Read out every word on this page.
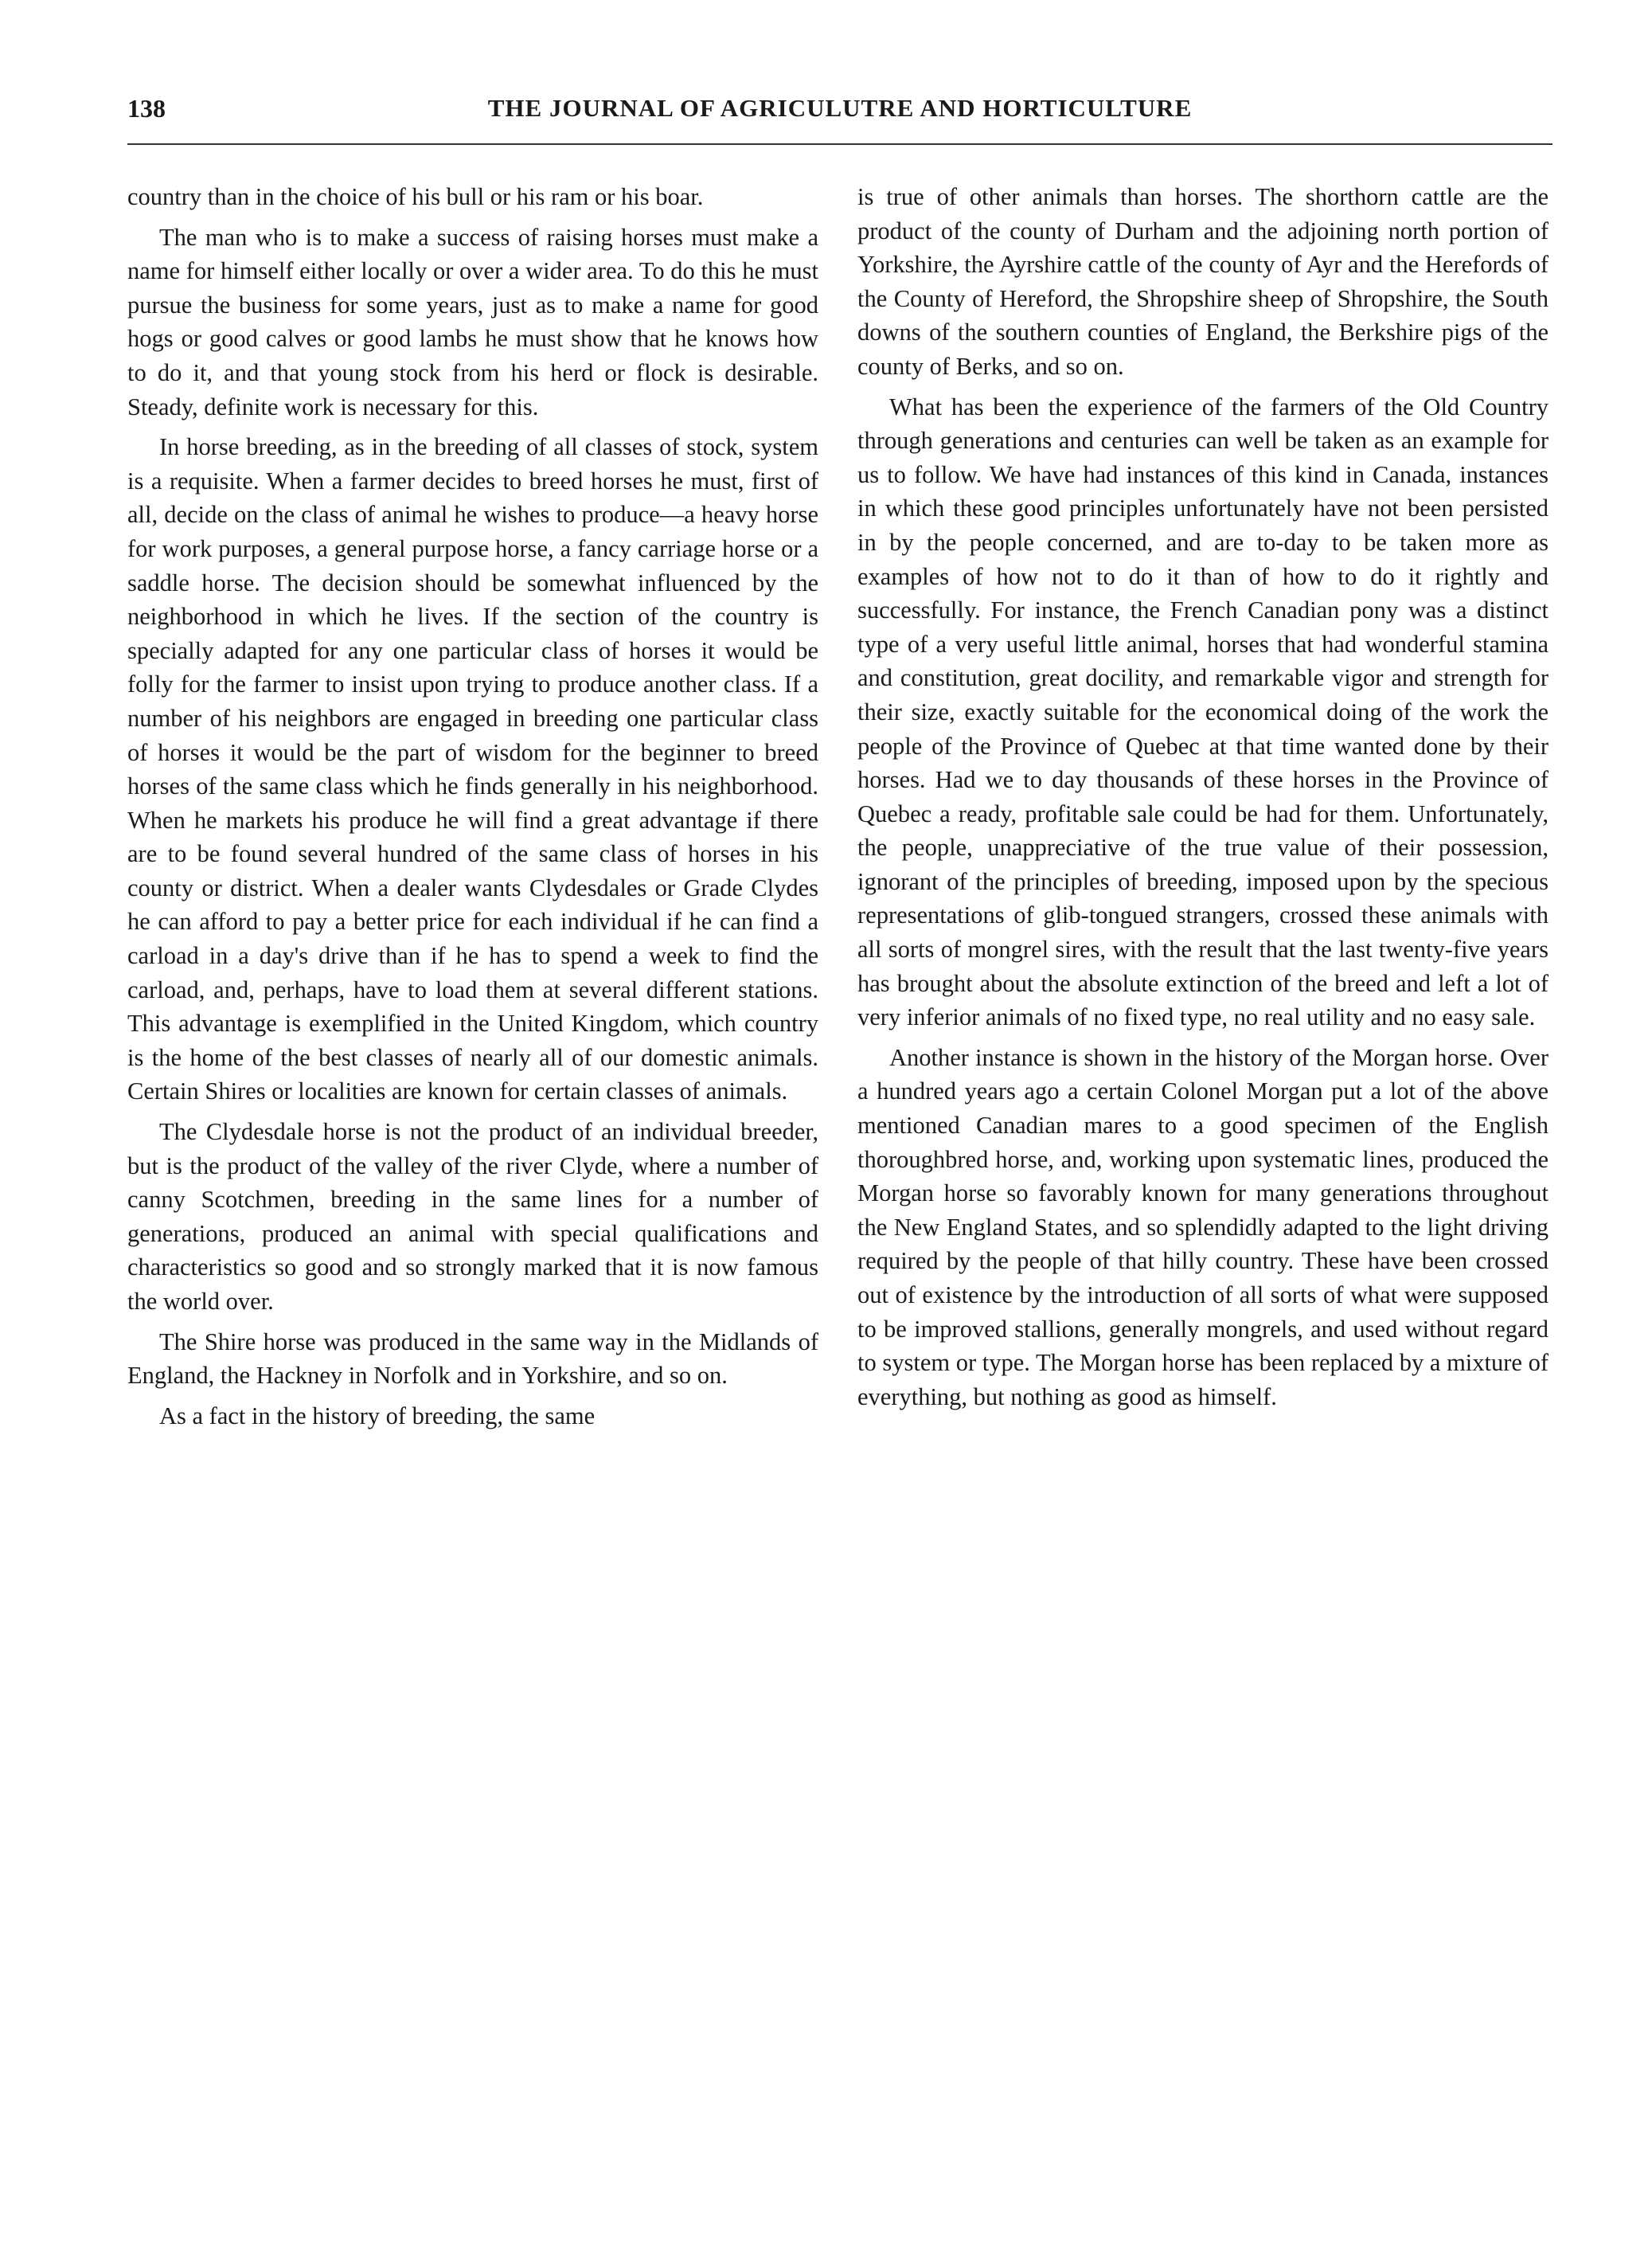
138	THE JOURNAL OF AGRICULUTRE AND HORTICULTURE

country than in the choice of his bull or his ram or his boar.

The man who is to make a success of raising horses must make a name for himself either locally or over a wider area. To do this he must pursue the business for some years, just as to make a name for good hogs or good calves or good lambs he must show that he knows how to do it, and that young stock from his herd or flock is desirable. Steady, definite work is necessary for this.

In horse breeding, as in the breeding of all classes of stock, system is a requisite. When a farmer decides to breed horses he must, first of all, decide on the class of animal he wishes to produce—a heavy horse for work purposes, a general purpose horse, a fancy carriage horse or a saddle horse. The decision should be somewhat influenced by the neighborhood in which he lives. If the section of the country is specially adapted for any one particular class of horses it would be folly for the farmer to insist upon trying to produce another class. If a number of his neighbors are engaged in breeding one particular class of horses it would be the part of wisdom for the beginner to breed horses of the same class which he finds generally in his neighborhood. When he markets his produce he will find a great advantage if there are to be found several hundred of the same class of horses in his county or district. When a dealer wants Clydesdales or Grade Clydes he can afford to pay a better price for each individual if he can find a carload in a day's drive than if he has to spend a week to find the carload, and, perhaps, have to load them at several different stations. This advantage is exemplified in the United Kingdom, which country is the home of the best classes of nearly all of our domestic animals. Certain Shires or localities are known for certain classes of animals.

The Clydesdale horse is not the product of an individual breeder, but is the product of the valley of the river Clyde, where a number of canny Scotchmen, breeding in the same lines for a number of generations, produced an animal with special qualifications and characteristics so good and so strongly marked that it is now famous the world over.

The Shire horse was produced in the same way in the Midlands of England, the Hackney in Norfolk and in Yorkshire, and so on.

As a fact in the history of breeding, the same

is true of other animals than horses. The shorthorn cattle are the product of the county of Durham and the adjoining north portion of Yorkshire, the Ayrshire cattle of the county of Ayr and the Herefords of the County of Hereford, the Shropshire sheep of Shropshire, the South downs of the southern counties of England, the Berkshire pigs of the county of Berks, and so on.

What has been the experience of the farmers of the Old Country through generations and centuries can well be taken as an example for us to follow. We have had instances of this kind in Canada, instances in which these good principles unfortunately have not been persisted in by the people concerned, and are to-day to be taken more as examples of how not to do it than of how to do it rightly and successfully. For instance, the French Canadian pony was a distinct type of a very useful little animal, horses that had wonderful stamina and constitution, great docility, and remarkable vigor and strength for their size, exactly suitable for the economical doing of the work the people of the Province of Quebec at that time wanted done by their horses. Had we to day thousands of these horses in the Province of Quebec a ready, profitable sale could be had for them. Unfortunately, the people, unappreciative of the true value of their possession, ignorant of the principles of breeding, imposed upon by the specious representations of glib-tongued strangers, crossed these animals with all sorts of mongrel sires, with the result that the last twenty-five years has brought about the absolute extinction of the breed and left a lot of very inferior animals of no fixed type, no real utility and no easy sale.

Another instance is shown in the history of the Morgan horse. Over a hundred years ago a certain Colonel Morgan put a lot of the above mentioned Canadian mares to a good specimen of the English thoroughbred horse, and, working upon systematic lines, produced the Morgan horse so favorably known for many generations throughout the New England States, and so splendidly adapted to the light driving required by the people of that hilly country. These have been crossed out of existence by the introduction of all sorts of what were supposed to be improved stallions, generally mongrels, and used without regard to system or type. The Morgan horse has been replaced by a mixture of everything, but nothing as good as himself.
